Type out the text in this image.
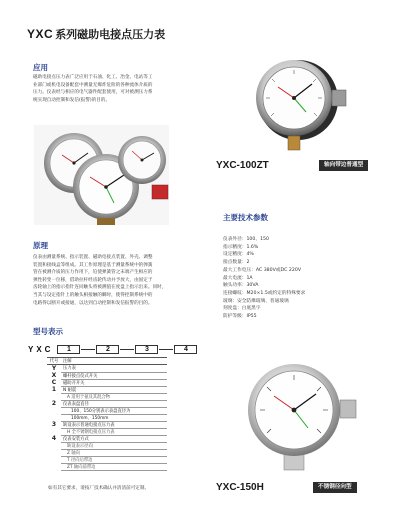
YXC 系列磁助电接点压力表
应用

磁助电接点压力表广泛应用于石油、化工、冶金、电站等工

业部门或机电设备配套中测量无爆炸危险的各种流体介质的

压力。仪表经与相应的电气器件配套使用，可对被测压力系

统实现自动控制和发信(报警)的目的。

原理

仪表由测量系统、指示装置、磁助电接点装置、外壳、调整

装置和接线盒等组成。其工作原理是基于测量系统中的弹簧

管在被测介质的压力作用下，迫使弹簧管之末端产生相应的

弹性转变一位移，借助拉杆经齿轮传动并予放大，由固定于

齿轮轴上的指示指针连同触头将被测值在度盘上指示出来。同时，

当其与设定指针上的触头相接触的瞬时，使得控制系统中的

电路得以断开或接通，以达到自动控制和发信报警的目的。

YXC-100ZT	轴向带边普通型
主要技术参数
仪表外径：100、150
指示精度：1.6%
设定精度：4%
接点数量：2
最大工作电压：AC 380V或DC 220V
最大电流：1A
触头功率：30VA
连接螺纹：M20×1.5或约定的特殊要求
玻璃：安全防爆玻璃、普通玻璃
刻度盘：白底黑字
防护等级：IP55
YXC-150H	不锈钢径向型
型号表示
YXC	1	2	3	4
代号	注解
Y	压力表
X	螺杆接点仪式开关
C	磁助开开关
1	N 耐震
	A 适用于氨及其混合物
2	仪表表盘直径
	100、150分别表示表盘直径为
	100mm、150mm
3	缺设表示普通电接点压力表
	H 全不锈钢电接点压力表
4	仪表安装方式
	缺设表示径向
	Z 轴向
	T 径向后带边
	ZT 轴向前带边
如有其它要求，请按厂技术确认并清清前可定制。
